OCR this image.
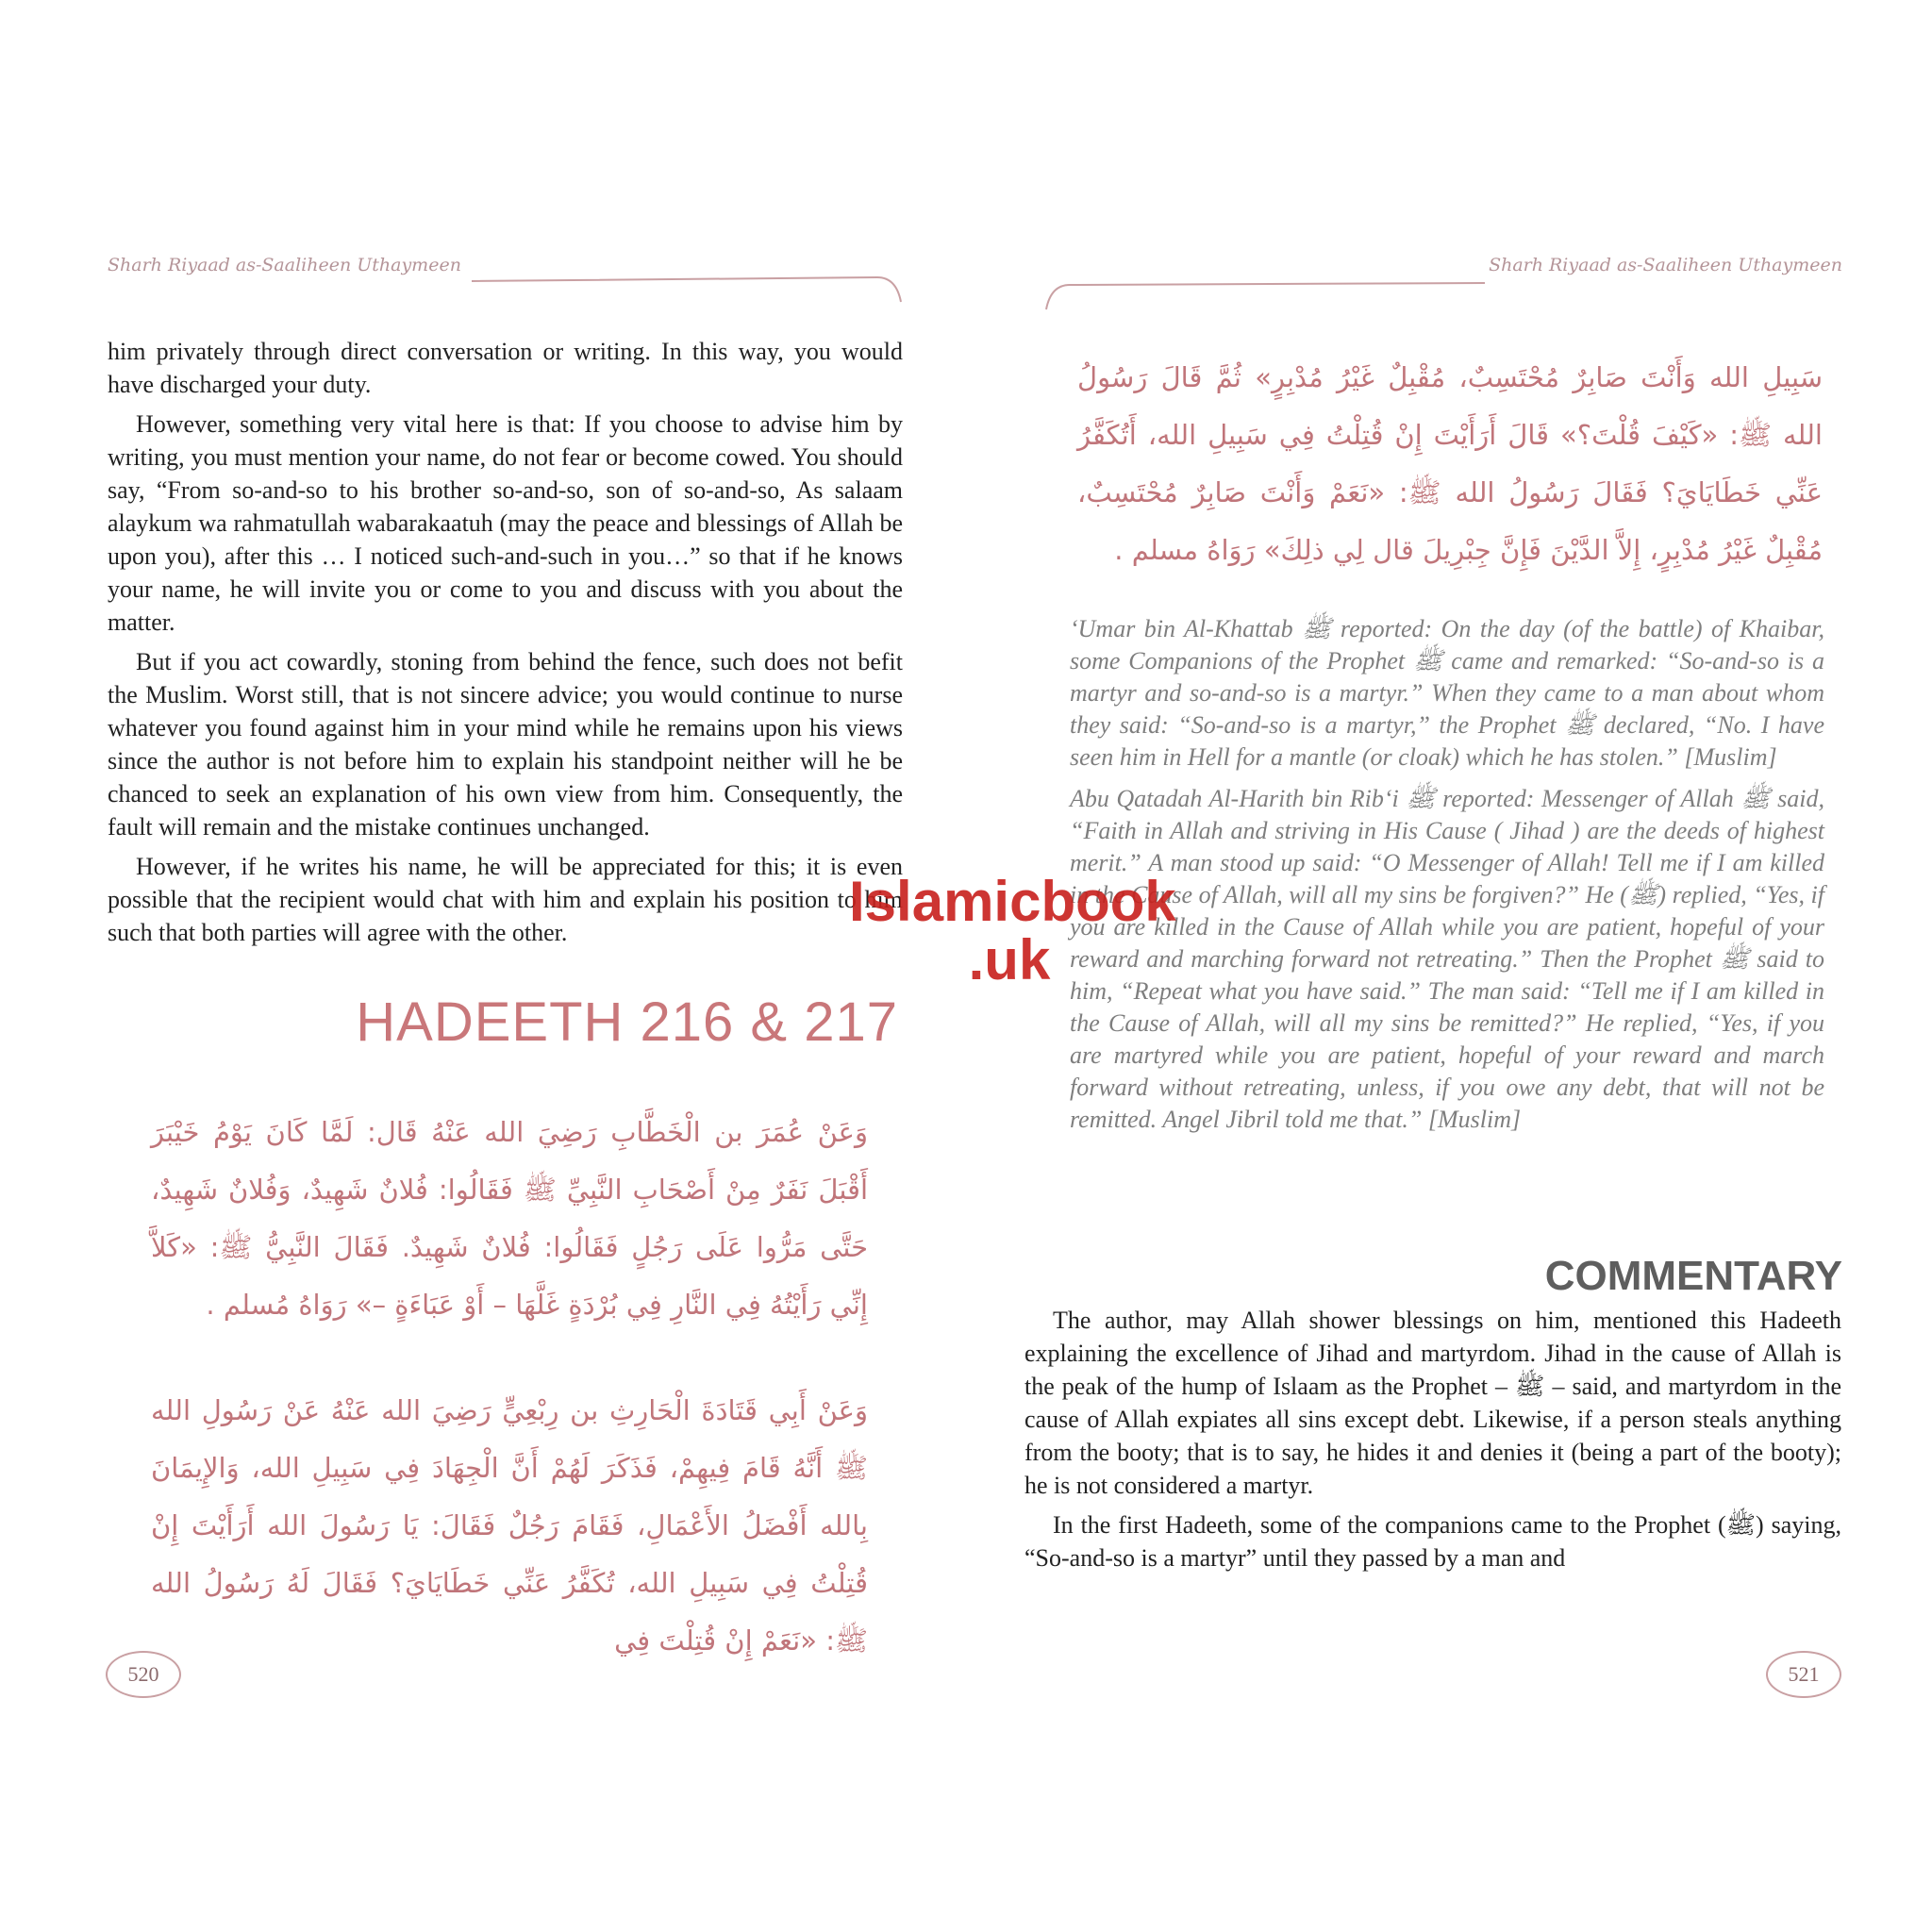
Sharh Riyaad as-Saaliheen Uthaymeen

him privately through direct conversation or writing. In this way, you would have discharged your duty.

However, something very vital here is that: If you choose to advise him by writing, you must mention your name, do not fear or become cowed. You should say, “From so-and-so to his brother so-and-so, son of so-and-so, As salaam alaykum wa rahmatullah wabarakaatuh (may the peace and blessings of Allah be upon you), after this … I noticed such-and-such in you…” so that if he knows your name, he will invite you or come to you and discuss with you about the matter.

But if you act cowardly, stoning from behind the fence, such does not befit the Muslim. Worst still, that is not sincere advice; you would continue to nurse whatever you found against him in your mind while he remains upon his views since the author is not before him to explain his standpoint neither will he be chanced to seek an explanation of his own view from him. Consequently, the fault will remain and the mistake continues unchanged.

However, if he writes his name, he will be appreciated for this; it is even possible that the recipient would chat with him and explain his position to him such that both parties will agree with the other.

HADEETH 216 & 217
وَعَنْ عُمَرَ بن الْخَطَّابِ رَضِيَ الله عَنْهُ قَال: لَمَّا كَانَ يَوْمُ خَيْبَرَ أَقْبَلَ نَفَرٌ مِنْ أَصْحَابِ النَّبِيِّ ﷺ فَقَالُوا: فُلانٌ شَهِيدٌ، وَفُلانٌ شَهِيدٌ، حَتَّى مَرُّوا عَلَى رَجُلٍ فَقَالُوا: فُلانٌ شَهِيدٌ. فَقَالَ النَّبِيُّ ﷺ: «كَلاَّ إِنِّي رَأَيْتُهُ فِي النَّارِ فِي بُرْدَةٍ غَلَّهَا – أَوْ عَبَاءَةٍ –» رَوَاهُ مُسلم .
وَعَنْ أَبِي قَتَادَةَ الْحَارِثِ بن رِبْعِيٍّ رَضِيَ الله عَنْهُ عَنْ رَسُولِ الله ﷺ أَنَّهُ قَامَ فِيهِمْ، فَذَكَرَ لَهُمْ أَنَّ الْجِهَادَ فِي سَبِيلِ الله، وَالإِيمَانَ بِالله أَفْضَلُ الأَعْمَالِ، فَقَامَ رَجُلٌ فَقَالَ: يَا رَسُولَ الله أَرَأَيْتَ إِنْ قُتِلْتُ فِي سَبِيلِ الله، تُكَفَّرُ عَنِّي خَطَايَايَ؟ فَقَالَ لَهُ رَسُولُ الله ﷺ: «نَعَمْ إِنْ قُتِلْتَ فِي
520
Sharh Riyaad as-Saaliheen Uthaymeen
سَبِيلِ الله وَأَنْتَ صَابِرٌ مُحْتَسِبٌ، مُقْبِلٌ غَيْرُ مُدْبِرٍ» ثُمَّ قَالَ رَسُولُ الله ﷺ: «كَيْفَ قُلْتَ؟» قَالَ أَرَأَيْتَ إِنْ قُتِلْتُ فِي سَبِيلِ الله، أَتُكَفَّرُ عَنِّي خَطَايَايَ؟ فَقَالَ رَسُولُ الله ﷺ: «نَعَمْ وَأَنْتَ صَابِرٌ مُحْتَسِبٌ، مُقْبِلٌ غَيْرُ مُدْبِرٍ، إِلاَّ الدَّيْنَ فَإِنَّ جِبْرِيلَ قال لِي ذلِكَ» رَوَاهُ مسلم .

‘Umar bin Al-Khattab ﷺ reported: On the day (of the battle) of Khaibar, some Companions of the Prophet ﷺ came and remarked: “So-and-so is a martyr and so-and-so is a martyr.” When they came to a man about whom they said: “So-and-so is a martyr,” the Prophet ﷺ declared, “No. I have seen him in Hell for a mantle (or cloak) which he has stolen.” [Muslim]

Abu Qatadah Al-Harith bin Rib‘i ﷺ reported: Messenger of Allah ﷺ said, “Faith in Allah and striving in His Cause ( Jihad ) are the deeds of highest merit.” A man stood up said: “O Messenger of Allah! Tell me if I am killed in the Cause of Allah, will all my sins be forgiven?” He (ﷺ) replied, “Yes, if you are killed in the Cause of Allah while you are patient, hopeful of your reward and marching forward not retreating.” Then the Prophet ﷺ said to him, “Repeat what you have said.” The man said: “Tell me if I am killed in the Cause of Allah, will all my sins be remitted?” He replied, “Yes, if you are martyred while you are patient, hopeful of your reward and march forward without retreating, unless, if you owe any debt, that will not be remitted. Angel Jibril told me that.” [Muslim]

COMMENTARY

The author, may Allah shower blessings on him, mentioned this Hadeeth explaining the excellence of Jihad and martyrdom. Jihad in the cause of Allah is the peak of the hump of Islaam as the Prophet – ﷺ – said, and martyrdom in the cause of Allah expiates all sins except debt. Likewise, if a person steals anything from the booty; that is to say, he hides it and denies it (being a part of the booty); he is not considered a martyr.

In the first Hadeeth, some of the companions came to the Prophet (ﷺ) saying, “So-and-so is a martyr” until they passed by a man and

521
Islamicbook
.uk
